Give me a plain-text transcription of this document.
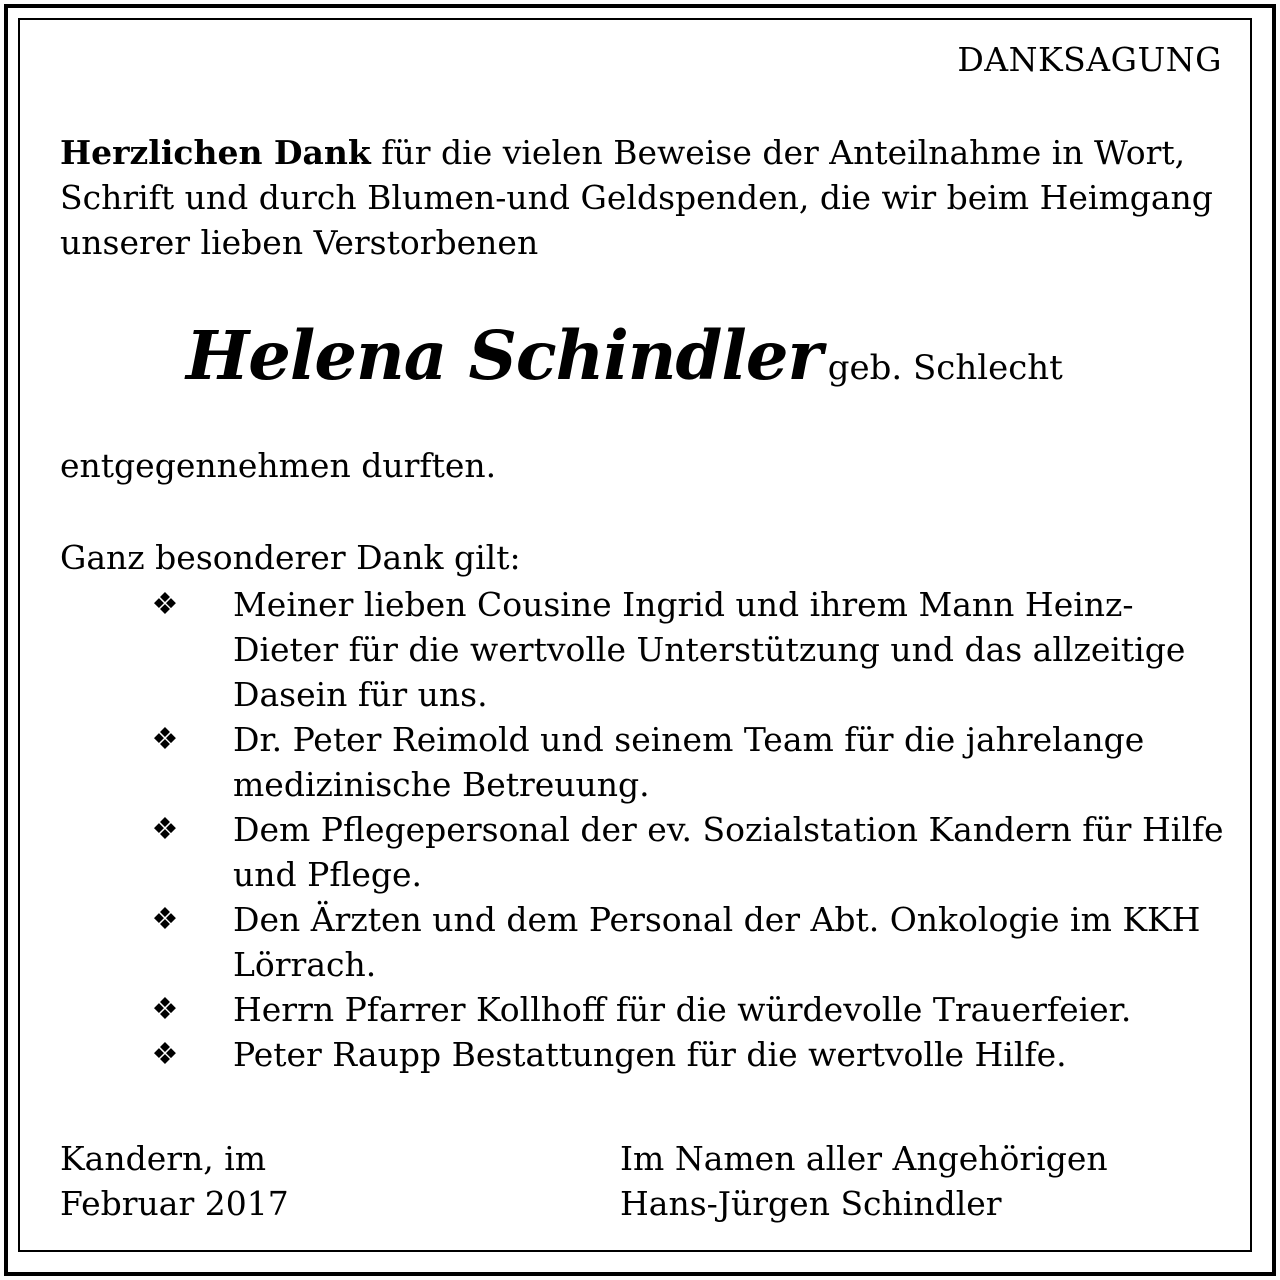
DANKSAGUNG

Herzlichen Dank für die vielen Beweise der Anteilnahme in Wort, Schrift und durch Blumen-und Geldspenden, die wir beim Heimgang unserer lieben Verstorbenen

Helena Schindler geb. Schlecht

entgegennehmen durften.

Ganz besonderer Dank gilt:

❖ Meiner lieben Cousine Ingrid und ihrem Mann Heinz-Dieter für die wertvolle Unterstützung und das allzeitige Dasein für uns.
❖ Dr. Peter Reimold und seinem Team für die jahrelange medizinische Betreuung.
❖ Dem Pflegepersonal der ev. Sozialstation Kandern für Hilfe und Pflege.
❖ Den Ärzten und dem Personal der Abt. Onkologie im KKH Lörrach.
❖ Herrn Pfarrer Kollhoff für die würdevolle Trauerfeier.
❖ Peter Raupp Bestattungen für die wertvolle Hilfe.
Kandern, im
Februar 2017
Im Namen aller Angehörigen
Hans-Jürgen Schindler
